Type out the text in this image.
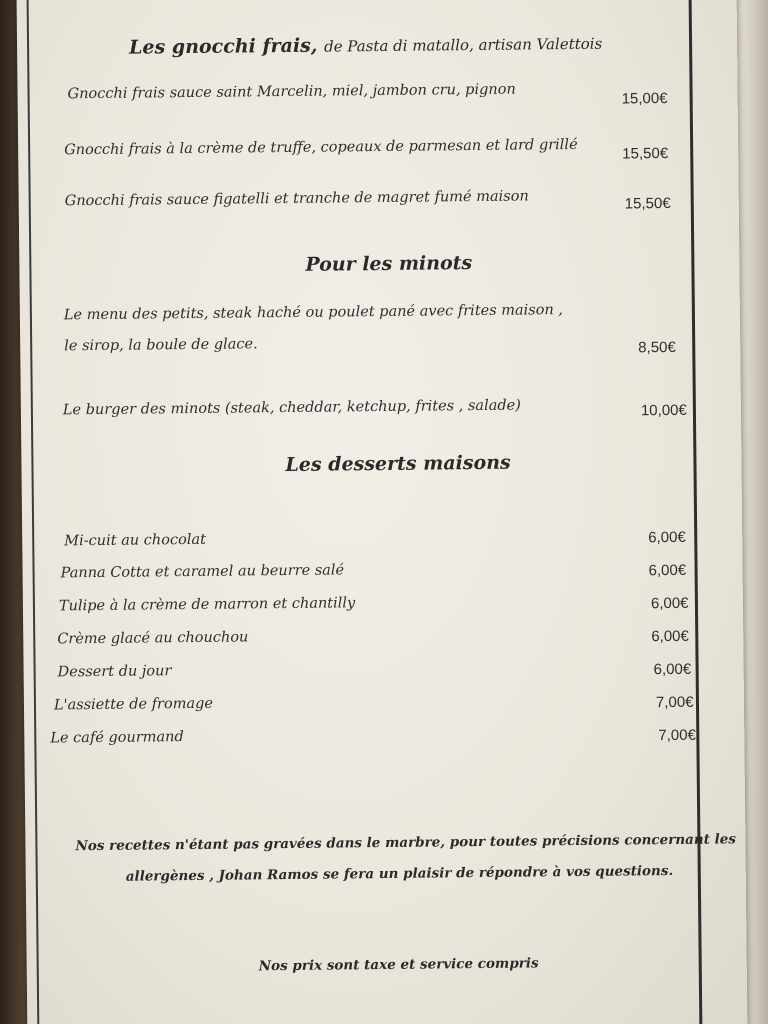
Les gnocchi frais, de Pasta di matallo, artisan Valettois
Gnocchi frais sauce saint Marcelin, miel, jambon cru, pignon	15,00€
Gnocchi frais à la crème de truffe, copeaux de parmesan et lard grillé	15,50€
Gnocchi frais sauce figatelli et tranche de magret fumé maison	15,50€
Pour les minots
Le menu des petits, steak haché ou poulet pané avec frites maison ,
le sirop, la boule de glace.	8,50€
Le burger des minots (steak, cheddar, ketchup, frites , salade)	10,00€
Les desserts maisons
Mi-cuit au chocolat	6,00€
Panna Cotta et caramel au beurre salé	6,00€
Tulipe à la crème de marron et chantilly	6,00€
Crème glacé au chouchou	6,00€
Dessert du jour	6,00€
L'assiette de fromage	7,00€
Le café gourmand	7,00€
Nos recettes n'étant pas gravées dans le marbre, pour toutes précisions concernant les
allergènes , Johan Ramos se fera un plaisir de répondre à vos questions.
Nos prix sont taxe et service compris
